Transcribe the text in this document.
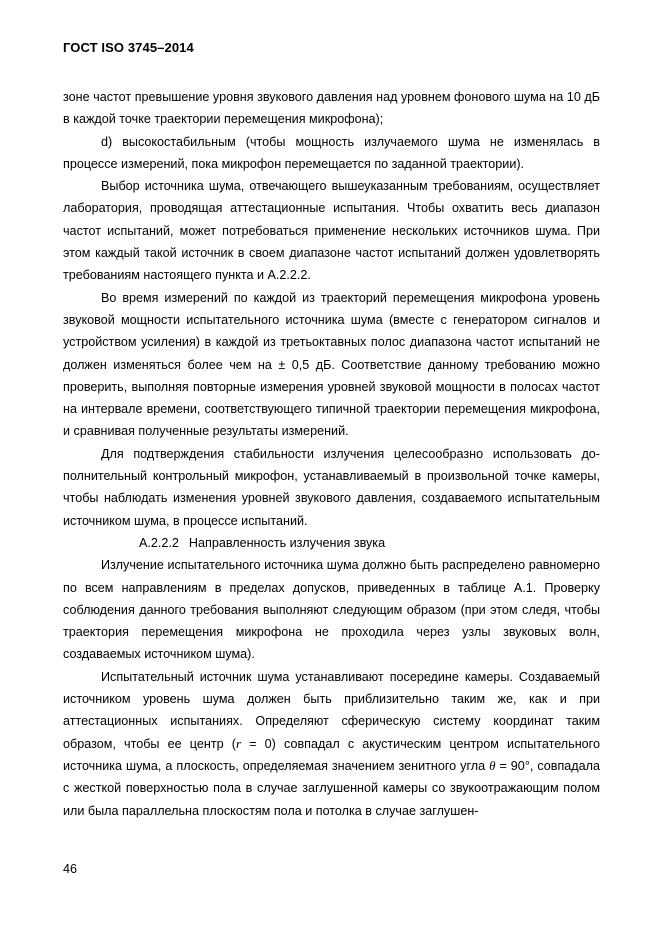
ГОСТ ISO 3745–2014

зоне частот превышение уровня звукового давления над уровнем фонового шума на 10 дБ в каждой точке траектории перемещения микрофона);

d) высокостабильным (чтобы мощность излучаемого шума не изменялась в процессе измерений, пока микрофон перемещается по заданной траектории).

Выбор источника шума, отвечающего вышеуказанным требованиям, осуществляет лаборатория, проводящая аттестационные испытания. Чтобы охватить весь диапазон частот испытаний, может потребоваться применение нескольких источников шума. При этом каждый такой источник в своем диапазоне частот испытаний должен удовлетворять требованиям настоящего пункта и А.2.2.2.

Во время измерений по каждой из траекторий перемещения микрофона уровень звуковой мощности испытательного источника шума (вместе с генератором сигналов и устройством усиления) в каждой из третьоктавных полос диапазона частот испытаний не должен изменяться более чем на ± 0,5 дБ. Соответствие данному требованию можно проверить, выполняя повторные измерения уровней звуковой мощности в полосах частот на интервале времени, соответствующего типичной траектории перемещения микрофона, и сравнивая полученные результаты измерений.

Для подтверждения стабильности излучения целесообразно использовать дополнительный контрольный микрофон, устанавливаемый в произвольной точке камеры, чтобы наблюдать изменения уровней звукового давления, создаваемого испытательным источником шума, в процессе испытаний.

А.2.2.2 Направленность излучения звука

Излучение испытательного источника шума должно быть распределено равномерно по всем направлениям в пределах допусков, приведенных в таблице А.1. Проверку соблюдения данного требования выполняют следующим образом (при этом следя, чтобы траектория перемещения микрофона не проходила через узлы звуковых волн, создаваемых источником шума).

Испытательный источник шума устанавливают посередине камеры. Создаваемый источником уровень шума должен быть приблизительно таким же, как и при аттестационных испытаниях. Определяют сферическую систему координат таким образом, чтобы ее центр (r = 0) совпадал с акустическим центром испытательного источника шума, а плоскость, определяемая значением зенитного угла θ = 90°, совпадала с жесткой поверхностью пола в случае заглушенной камеры со звукоотражающим полом или была параллельна плоскостям пола и потолка в случае заглушен-

46
